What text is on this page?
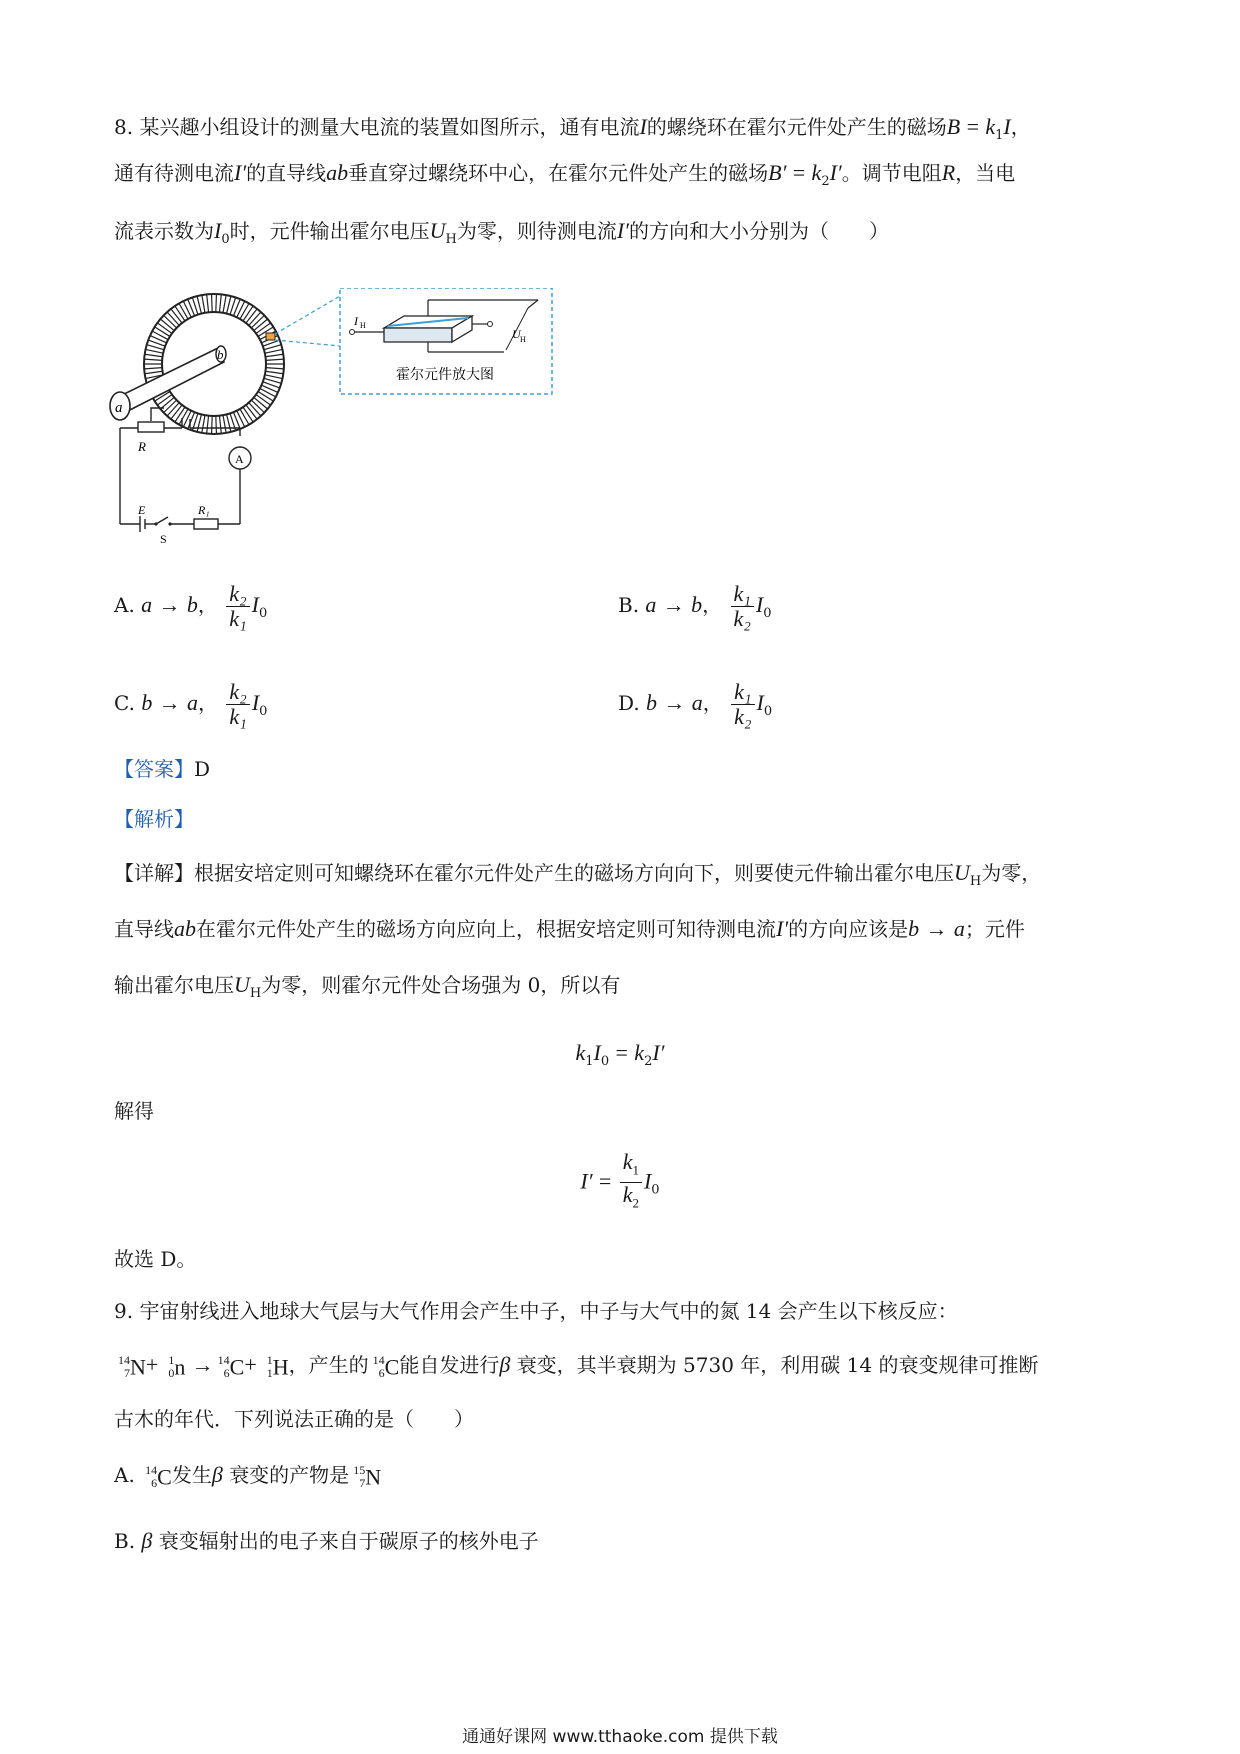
8. 某兴趣小组设计的测量大电流的装置如图所示，通有电流I的螺绕环在霍尔元件处产生的磁场$B = k_1I$，
通有待测电流I′的直导线ab垂直穿过螺绕环中心，在霍尔元件处产生的磁场$B' = k_2I'$。调节电阻R，当电
流表示数为$I_0$时，元件输出霍尔电压$U_H$为零，则待测电流I′的方向和大小分别为（　　）
a
b
I H
U H
霍尔元件放大图
A
R
E
S
R₁
A. a → b， $\frac{\text{k₂}}{\text{k₁}} I_0$	B. a → b， $\frac{\text{k₁}}{\text{k₂}} I_0$
C. b → a， $\frac{\text{k₂}}{\text{k₁}} I_0$	D. b → a， $\frac{\text{k₁}}{\text{k₂}} I_0$
【答案】D
【解析】
【详解】根据安培定则可知螺绕环在霍尔元件处产生的磁场方向向下，则要使元件输出霍尔电压$U_H$为零，
直导线ab在霍尔元件处产生的磁场方向应向上，根据安培定则可知待测电流I′的方向应该是b → a；元件
输出霍尔电压$U_H$为零，则霍尔元件处合场强为 0，所以有
$k_1I_0 = k_2I'$
解得
$I' = \frac{k_1}{k_2} I_0$
故选 D。
9. 宇宙射线进入地球大气层与大气作用会产生中子，中子与大气中的氮 14 会产生以下核反应：
14
7 N+ 1
0 n → 14
6 C+ 1
1 H，产生的 14
6 C能自发进行β 衰变，其半衰期为 5730 年，利用碳 14 的衰变规律可推断
古木的年代．下列说法正确的是（　　）
A. 14
6 C发生β 衰变的产物是 15
7 N
B. β 衰变辐射出的电子来自于碳原子的核外电子
通通好课网 www.tthaoke.com 提供下载
